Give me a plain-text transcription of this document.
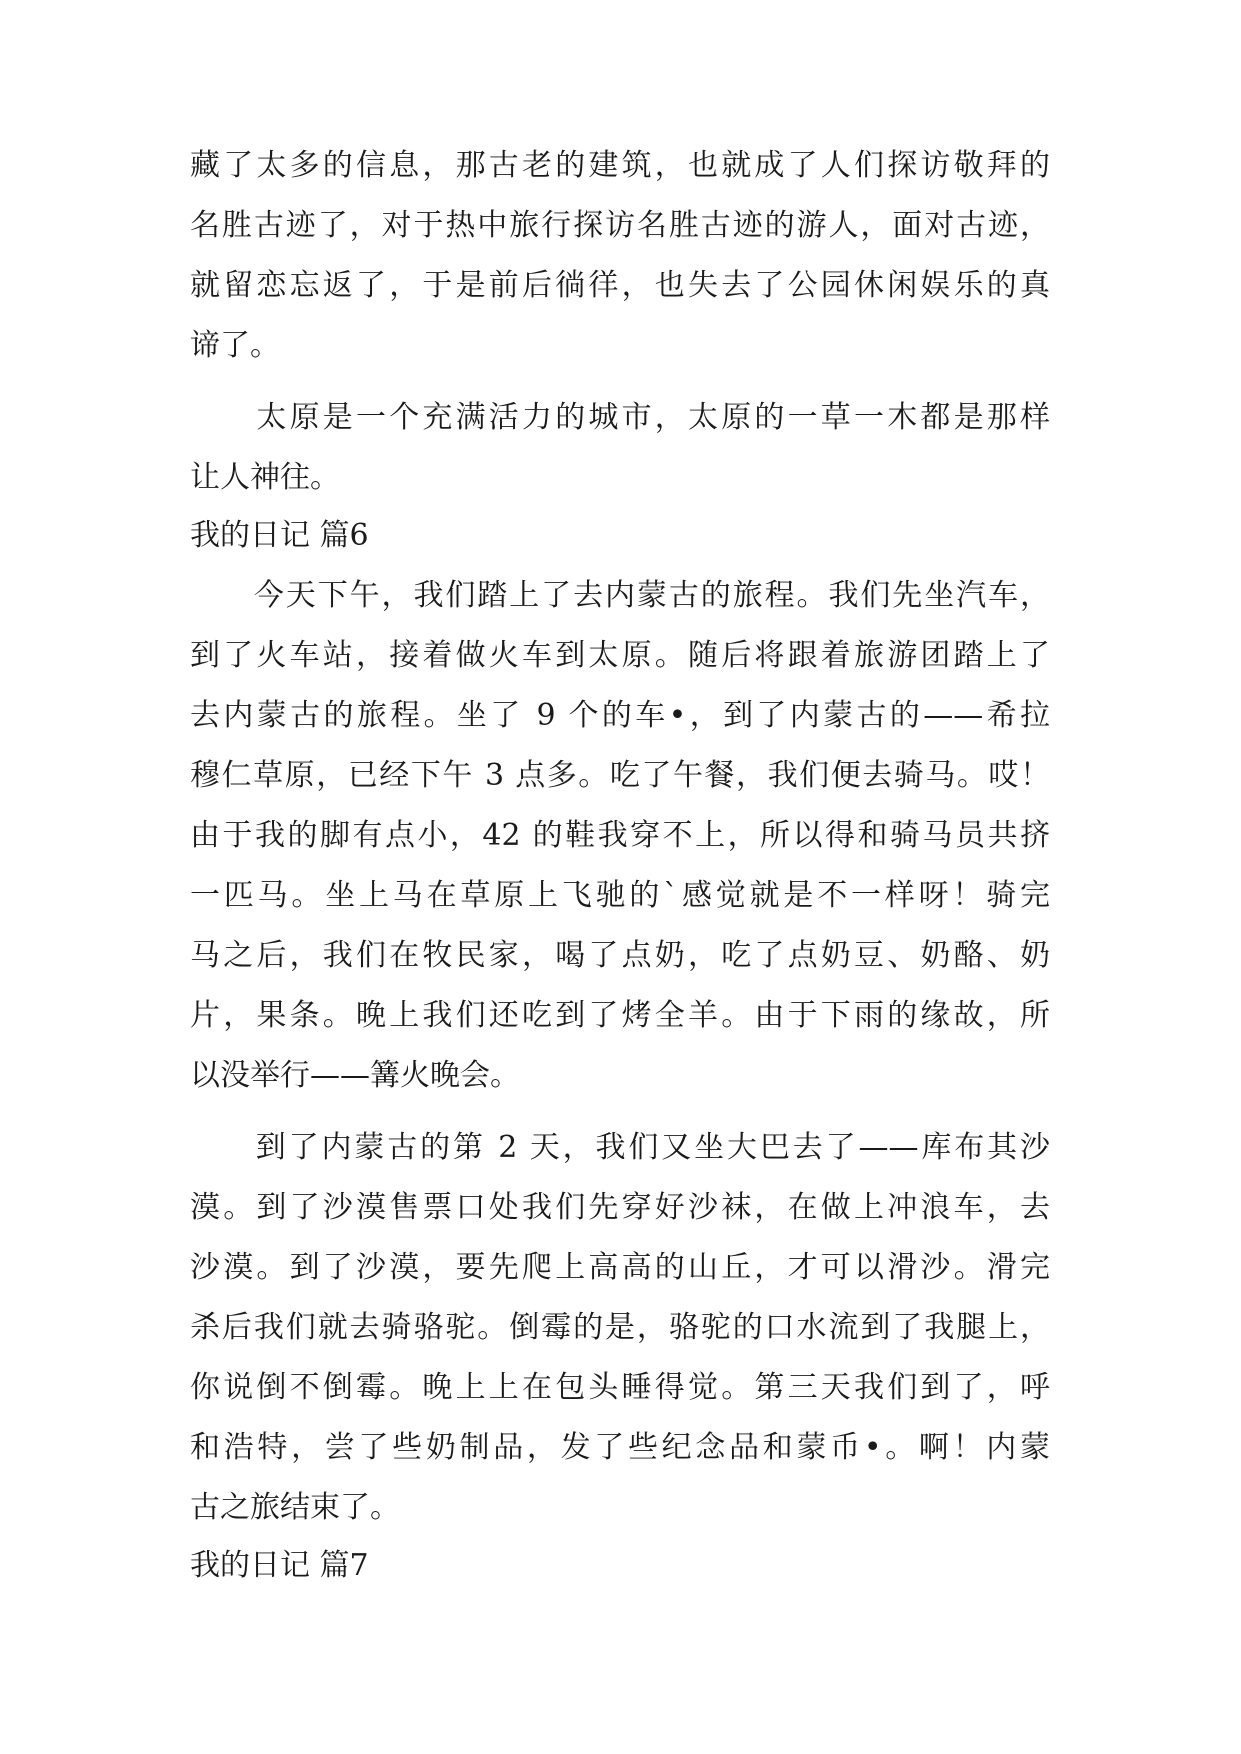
藏了太多的信息，那古老的建筑，也就成了人们探访敬拜的
名胜古迹了，对于热中旅行探访名胜古迹的游人，面对古迹，
就留恋忘返了，于是前后徜徉，也失去了公园休闲娱乐的真
谛了。
　　太原是一个充满活力的城市，太原的一草一木都是那样
让人神往。
我的日记 篇6
　　今天下午，我们踏上了去内蒙古的旅程。我们先坐汽车，
到了火车站，接着做火车到太原。随后将跟着旅游团踏上了
去内蒙古的旅程。坐了 9 个的车•，到了内蒙古的——希拉
穆仁草原，已经下午 3 点多。吃了午餐，我们便去骑马。哎！
由于我的脚有点小，42 的鞋我穿不上，所以得和骑马员共挤
一匹马。坐上马在草原上飞驰的`感觉就是不一样呀！骑完
马之后，我们在牧民家，喝了点奶，吃了点奶豆、奶酪、奶
片，果条。晚上我们还吃到了烤全羊。由于下雨的缘故，所
以没举行——篝火晚会。
　　到了内蒙古的第 2 天，我们又坐大巴去了——库布其沙
漠。到了沙漠售票口处我们先穿好沙袜，在做上冲浪车，去
沙漠。到了沙漠，要先爬上高高的山丘，才可以滑沙。滑完
杀后我们就去骑骆驼。倒霉的是，骆驼的口水流到了我腿上，
你说倒不倒霉。晚上上在包头睡得觉。第三天我们到了，呼
和浩特，尝了些奶制品，发了些纪念品和蒙币•。啊！内蒙
古之旅结束了。
我的日记 篇7
